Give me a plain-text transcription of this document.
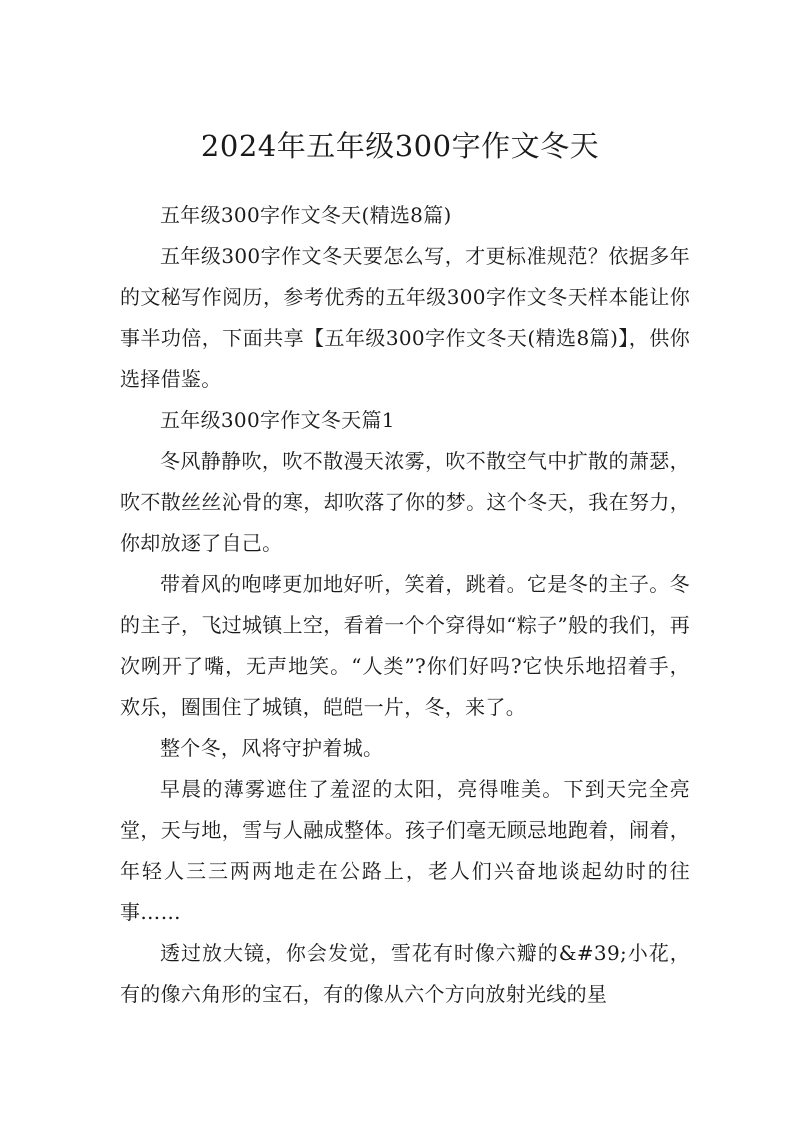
2024年五年级300字作文冬天

五年级300字作文冬天(精选8篇)

五年级300字作文冬天要怎么写，才更标准规范？依据多年的文秘写作阅历，参考优秀的五年级300字作文冬天样本能让你事半功倍，下面共享【五年级300字作文冬天(精选8篇)】，供你选择借鉴。

五年级300字作文冬天篇1

冬风静静吹，吹不散漫天浓雾，吹不散空气中扩散的萧瑟，吹不散丝丝沁骨的寒，却吹落了你的梦。这个冬天，我在努力，你却放逐了自己。

带着风的咆哮更加地好听，笑着，跳着。它是冬的主子。冬的主子，飞过城镇上空，看着一个个穿得如“粽子”般的我们，再次咧开了嘴，无声地笑。“人类”?你们好吗?它快乐地招着手，欢乐，圈围住了城镇，皑皑一片，冬，来了。

整个冬，风将守护着城。

早晨的薄雾遮住了羞涩的太阳，亮得唯美。下到天完全亮堂，天与地，雪与人融成整体。孩子们毫无顾忌地跑着，闹着，年轻人三三两两地走在公路上，老人们兴奋地谈起幼时的往事……

透过放大镜，你会发觉，雪花有时像六瓣的&#39;小花，有的像六角形的宝石，有的像从六个方向放射光线的星
